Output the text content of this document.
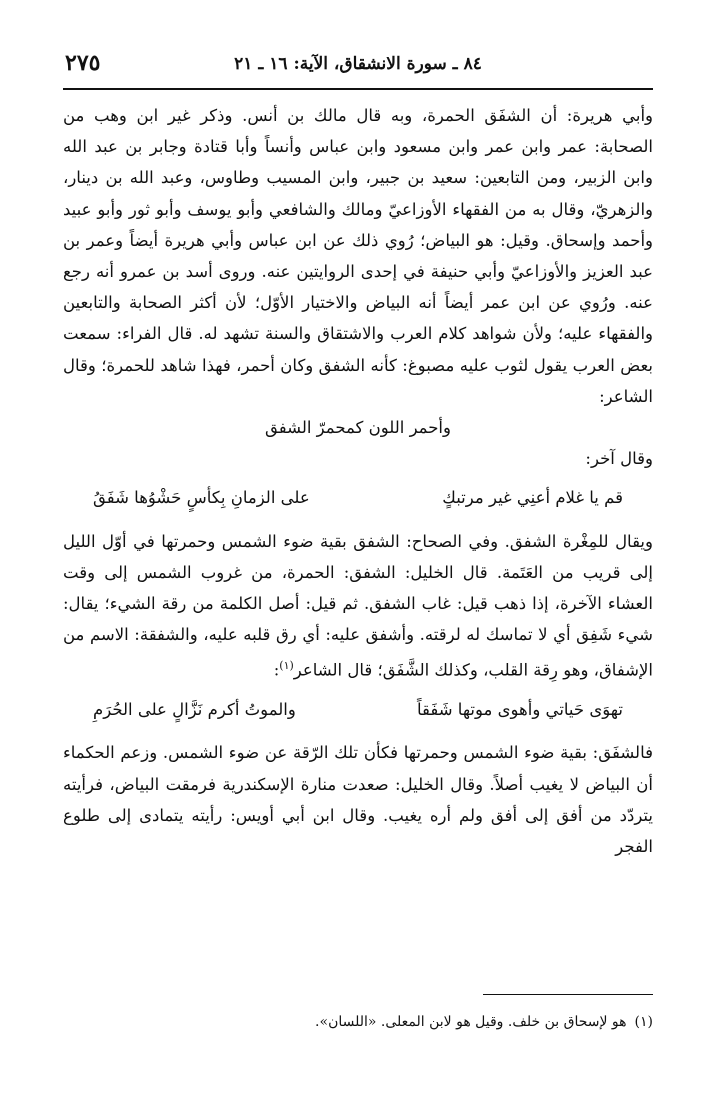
٨٤ ـ سورة الانشقاق، الآية: ١٦ ـ ٢١
٢٧٥

وأبي هريرة: أن الشفَق الحمرة، وبه قال مالك بن أنس. وذكر غير ابن وهب من الصحابة: عمر وابن عمر وابن مسعود وابن عباس وأنساً وأبا قتادة وجابر بن عبد الله وابن الزبير، ومن التابعين: سعيد بن جبير، وابن المسيب وطاوس، وعبد الله بن دينار، والزهريّ، وقال به من الفقهاء الأوزاعيّ ومالك والشافعي وأبو يوسف وأبو ثور وأبو عبيد وأحمد وإسحاق. وقيل: هو البياض؛ رُوي ذلك عن ابن عباس وأبي هريرة أيضاً وعمر بن عبد العزيز والأوزاعيّ وأبي حنيفة في إحدى الروايتين عنه. وروى أسد بن عمرو أنه رجع عنه. ورُوي عن ابن عمر أيضاً أنه البياض والاختيار الأوّل؛ لأن أكثر الصحابة والتابعين والفقهاء عليه؛ ولأن شواهد كلام العرب والاشتقاق والسنة تشهد له. قال الفراء: سمعت بعض العرب يقول لثوب عليه مصبوغ: كأنه الشفق وكان أحمر، فهذا شاهد للحمرة؛ وقال الشاعر:

وأحمر اللون كمحمرّ الشفق

وقال آخر:

قم يا غلام أعنِي غير مرتبكٍ
على الزمانِ بِكأسٍ حَشْوُها شَفَقُ

ويقال للمِغْرة الشفق. وفي الصحاح: الشفق بقية ضوء الشمس وحمرتها في أوّل الليل إلى قريب من العَتَمة. قال الخليل: الشفق: الحمرة، من غروب الشمس إلى وقت العشاء الآخرة، إذا ذهب قيل: غاب الشفق. ثم قيل: أصل الكلمة من رقة الشيء؛ يقال: شيء شَفِق أي لا تماسك له لرقته. وأشفق عليه: أي رق قلبه عليه، والشفقة: الاسم من الإشفاق، وهو رِقة القلب، وكذلك الشَّفَق؛ قال الشاعر$^{(١)}$:

تهوَى حَياتي وأهوى موتها شَفَقاً
والموتُ أكرم نَزَّالٍ على الحُرَمِ

فالشفَق: بقية ضوء الشمس وحمرتها فكأن تلك الرّقة عن ضوء الشمس. وزعم الحكماء أن البياض لا يغيب أصلاً. وقال الخليل: صعدت منارة الإسكندرية فرمقت البياض، فرأيته يتردّد من أفق إلى أفق ولم أره يغيب. وقال ابن أبي أويس: رأيته يتمادى إلى طلوع الفجر

(١)هو لإسحاق بن خلف. وقيل هو لابن المعلى. «اللسان».
